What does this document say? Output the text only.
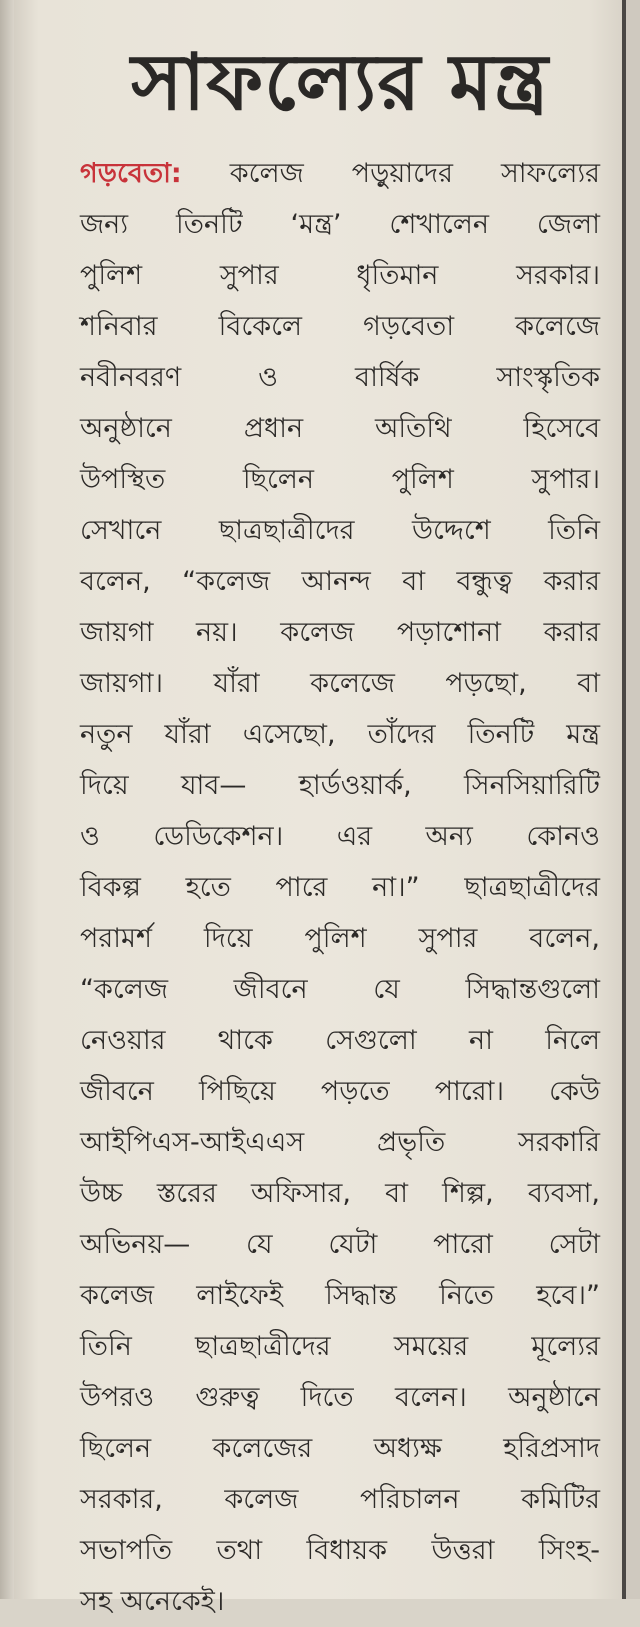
সাফল্যের মন্ত্র
গড়বেতা: কলেজ পড়ুয়াদের সাফল্যের
জন্য তিনটি ‘মন্ত্র’ শেখালেন জেলা
পুলিশ সুপার ধৃতিমান সরকার।
শনিবার বিকেলে গড়বেতা কলেজে
নবীনবরণ ও বার্ষিক সাংস্কৃতিক
অনুষ্ঠানে প্রধান অতিথি হিসেবে
উপস্থিত ছিলেন পুলিশ সুপার।
সেখানে ছাত্রছাত্রীদের উদ্দেশে তিনি
বলেন, “কলেজ আনন্দ বা বন্ধুত্ব করার
জায়গা নয়। কলেজ পড়াশোনা করার
জায়গা। যাঁরা কলেজে পড়ছো, বা
নতুন যাঁরা এসেছো, তাঁদের তিনটি মন্ত্র
দিয়ে যাব— হার্ডওয়ার্ক, সিনসিয়ারিটি
ও ডেডিকেশন। এর অন্য কোনও
বিকল্প হতে পারে না।” ছাত্রছাত্রীদের
পরামর্শ দিয়ে পুলিশ সুপার বলেন,
“কলেজ জীবনে যে সিদ্ধান্তগুলো
নেওয়ার থাকে সেগুলো না নিলে
জীবনে পিছিয়ে পড়তে পারো। কেউ
আইপিএস-আইএএস প্রভৃতি সরকারি
উচ্চ স্তরের অফিসার, বা শিল্প, ব্যবসা,
অভিনয়— যে যেটা পারো সেটা
কলেজ লাইফেই সিদ্ধান্ত নিতে হবে।”
তিনি ছাত্রছাত্রীদের সময়ের মূল্যের
উপরও গুরুত্ব দিতে বলেন। অনুষ্ঠানে
ছিলেন কলেজের অধ্যক্ষ হরিপ্রসাদ
সরকার, কলেজ পরিচালন কমিটির
সভাপতি তথা বিধায়ক উত্তরা সিংহ-
সহ অনেকেই।
